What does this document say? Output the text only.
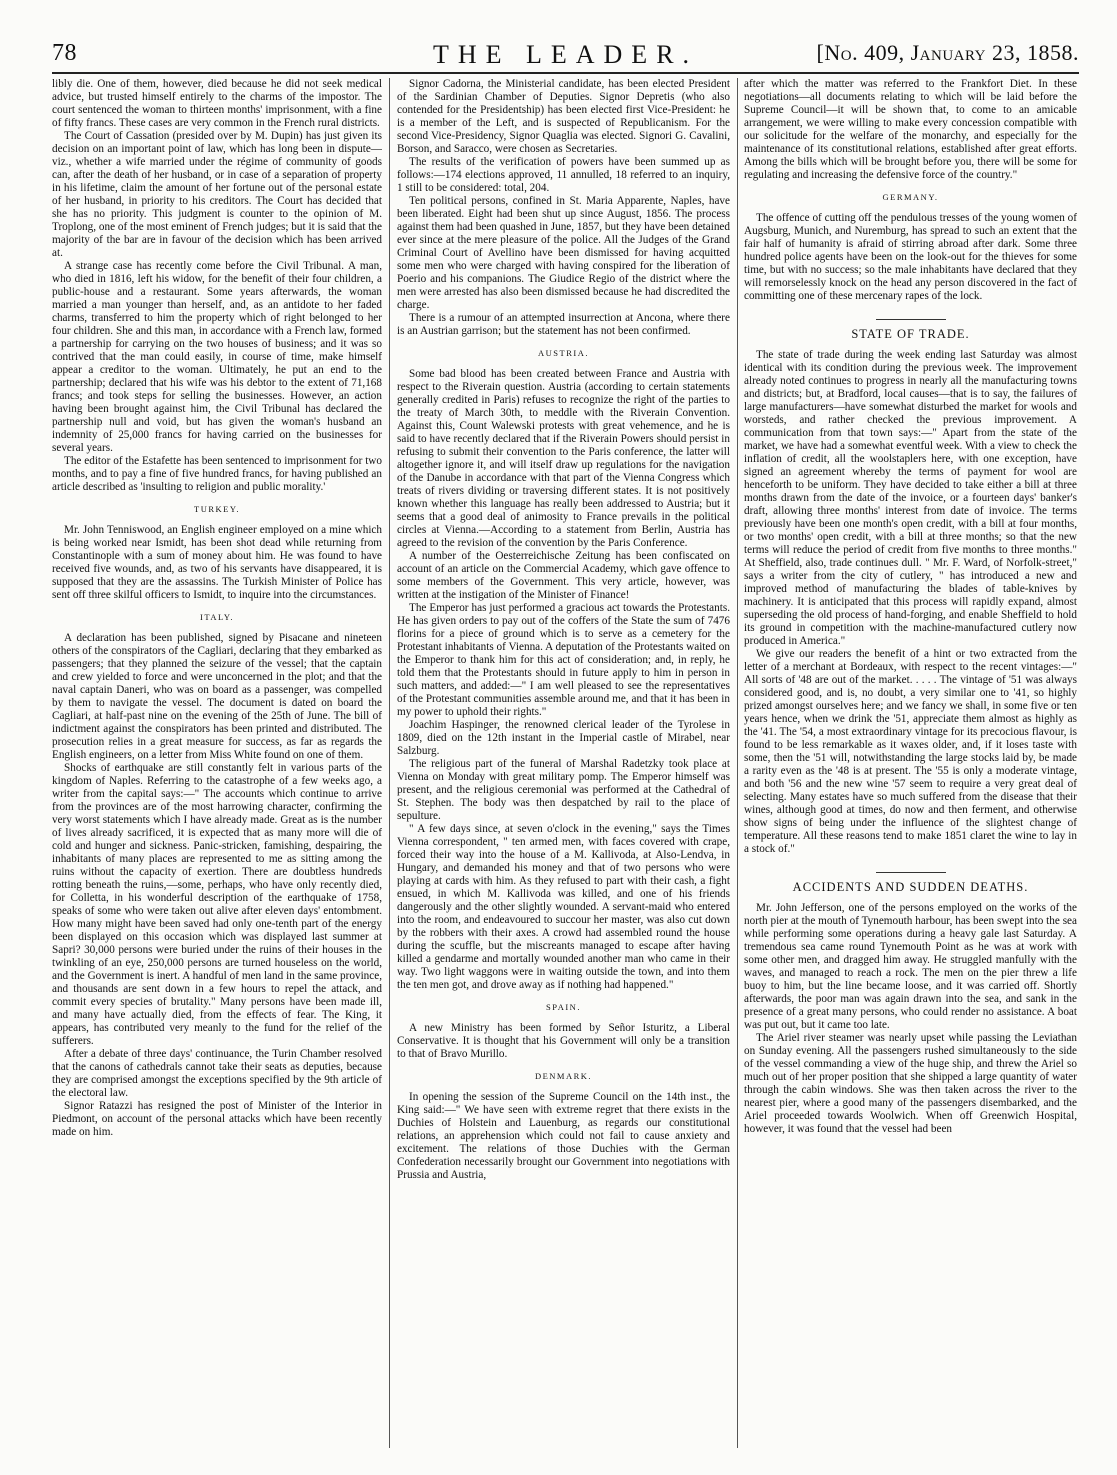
78	THE LEADER.	[No. 409, January 23, 1858.

libly die. One of them, however, died because he did not seek medical advice, but trusted himself entirely to the charms of the impostor. The court sentenced the woman to thirteen months' imprisonment, with a fine of fifty francs. These cases are very common in the French rural districts.

The Court of Cassation (presided over by M. Dupin) has just given its decision on an important point of law, which has long been in dispute—viz., whether a wife married under the régime of community of goods can, after the death of her husband, or in case of a separation of property in his lifetime, claim the amount of her fortune out of the personal estate of her husband, in priority to his creditors. The Court has decided that she has no priority. This judgment is counter to the opinion of M. Troplong, one of the most eminent of French judges; but it is said that the majority of the bar are in favour of the decision which has been arrived at.

A strange case has recently come before the Civil Tribunal. A man, who died in 1816, left his widow, for the benefit of their four children, a public-house and a restaurant. Some years afterwards, the woman married a man younger than herself, and, as an antidote to her faded charms, transferred to him the property which of right belonged to her four children. She and this man, in accordance with a French law, formed a partnership for carrying on the two houses of business; and it was so contrived that the man could easily, in course of time, make himself appear a creditor to the woman. Ultimately, he put an end to the partnership; declared that his wife was his debtor to the extent of 71,168 francs; and took steps for selling the businesses. However, an action having been brought against him, the Civil Tribunal has declared the partnership null and void, but has given the woman's husband an indemnity of 25,000 francs for having carried on the businesses for several years.

The editor of the Estafette has been sentenced to imprisonment for two months, and to pay a fine of five hundred francs, for having published an article described as 'insulting to religion and public morality.'

TURKEY.

Mr. John Tenniswood, an English engineer employed on a mine which is being worked near Ismidt, has been shot dead while returning from Constantinople with a sum of money about him. He was found to have received five wounds, and, as two of his servants have disappeared, it is supposed that they are the assassins. The Turkish Minister of Police has sent off three skilful officers to Ismidt, to inquire into the circumstances.

ITALY.

A declaration has been published, signed by Pisacane and nineteen others of the conspirators of the Cagliari, declaring that they embarked as passengers; that they planned the seizure of the vessel; that the captain and crew yielded to force and were unconcerned in the plot; and that the naval captain Daneri, who was on board as a passenger, was compelled by them to navigate the vessel. The document is dated on board the Cagliari, at half-past nine on the evening of the 25th of June. The bill of indictment against the conspirators has been printed and distributed. The prosecution relies in a great measure for success, as far as regards the English engineers, on a letter from Miss White found on one of them.

Shocks of earthquake are still constantly felt in various parts of the kingdom of Naples. Referring to the catastrophe of a few weeks ago, a writer from the capital says:—" The accounts which continue to arrive from the provinces are of the most harrowing character, confirming the very worst statements which I have already made. Great as is the number of lives already sacrificed, it is expected that as many more will die of cold and hunger and sickness. Panic-stricken, famishing, despairing, the inhabitants of many places are represented to me as sitting among the ruins without the capacity of exertion. There are doubtless hundreds rotting beneath the ruins,—some, perhaps, who have only recently died, for Colletta, in his wonderful description of the earthquake of 1758, speaks of some who were taken out alive after eleven days' entombment. How many might have been saved had only one-tenth part of the energy been displayed on this occasion which was displayed last summer at Sapri? 30,000 persons were buried under the ruins of their houses in the twinkling of an eye, 250,000 persons are turned houseless on the world, and the Government is inert. A handful of men land in the same province, and thousands are sent down in a few hours to repel the attack, and commit every species of brutality." Many persons have been made ill, and many have actually died, from the effects of fear. The King, it appears, has contributed very meanly to the fund for the relief of the sufferers.

After a debate of three days' continuance, the Turin Chamber resolved that the canons of cathedrals cannot take their seats as deputies, because they are comprised amongst the exceptions specified by the 9th article of the electoral law.

Signor Ratazzi has resigned the post of Minister of the Interior in Piedmont, on account of the personal attacks which have been recently made on him.

Signor Cadorna, the Ministerial candidate, has been elected President of the Sardinian Chamber of Deputies. Signor Depretis (who also contended for the Presidentship) has been elected first Vice-President: he is a member of the Left, and is suspected of Republicanism. For the second Vice-Presidency, Signor Quaglia was elected. Signori G. Cavalini, Borson, and Saracco, were chosen as Secretaries.

The results of the verification of powers have been summed up as follows:—174 elections approved, 11 annulled, 18 referred to an inquiry, 1 still to be considered: total, 204.

Ten political persons, confined in St. Maria Apparente, Naples, have been liberated. Eight had been shut up since August, 1856. The process against them had been quashed in June, 1857, but they have been detained ever since at the mere pleasure of the police. All the Judges of the Grand Criminal Court of Avellino have been dismissed for having acquitted some men who were charged with having conspired for the liberation of Poerio and his companions. The Giudice Regio of the district where the men were arrested has also been dismissed because he had discredited the charge.

There is a rumour of an attempted insurrection at Ancona, where there is an Austrian garrison; but the statement has not been confirmed.

AUSTRIA.

Some bad blood has been created between France and Austria with respect to the Riverain question. Austria (according to certain statements generally credited in Paris) refuses to recognize the right of the parties to the treaty of March 30th, to meddle with the Riverain Convention. Against this, Count Walewski protests with great vehemence, and he is said to have recently declared that if the Riverain Powers should persist in refusing to submit their convention to the Paris conference, the latter will altogether ignore it, and will itself draw up regulations for the navigation of the Danube in accordance with that part of the Vienna Congress which treats of rivers dividing or traversing different states. It is not positively known whether this language has really been addressed to Austria; but it seems that a good deal of animosity to France prevails in the political circles at Vienna.—According to a statement from Berlin, Austria has agreed to the revision of the convention by the Paris Conference.

A number of the Oesterreichische Zeitung has been confiscated on account of an article on the Commercial Academy, which gave offence to some members of the Government. This very article, however, was written at the instigation of the Minister of Finance!

The Emperor has just performed a gracious act towards the Protestants. He has given orders to pay out of the coffers of the State the sum of 7476 florins for a piece of ground which is to serve as a cemetery for the Protestant inhabitants of Vienna. A deputation of the Protestants waited on the Emperor to thank him for this act of consideration; and, in reply, he told them that the Protestants should in future apply to him in person in such matters, and added:—" I am well pleased to see the representatives of the Protestant communities assemble around me, and that it has been in my power to uphold their rights."

Joachim Haspinger, the renowned clerical leader of the Tyrolese in 1809, died on the 12th instant in the Imperial castle of Mirabel, near Salzburg.

The religious part of the funeral of Marshal Radetzky took place at Vienna on Monday with great military pomp. The Emperor himself was present, and the religious ceremonial was performed at the Cathedral of St. Stephen. The body was then despatched by rail to the place of sepulture.

" A few days since, at seven o'clock in the evening," says the Times Vienna correspondent, " ten armed men, with faces covered with crape, forced their way into the house of a M. Kallivoda, at Also-Lendva, in Hungary, and demanded his money and that of two persons who were playing at cards with him. As they refused to part with their cash, a fight ensued, in which M. Kallivoda was killed, and one of his friends dangerously and the other slightly wounded. A servant-maid who entered into the room, and endeavoured to succour her master, was also cut down by the robbers with their axes. A crowd had assembled round the house during the scuffle, but the miscreants managed to escape after having killed a gendarme and mortally wounded another man who came in their way. Two light waggons were in waiting outside the town, and into them the ten men got, and drove away as if nothing had happened."

SPAIN.

A new Ministry has been formed by Señor Isturitz, a Liberal Conservative. It is thought that his Government will only be a transition to that of Bravo Murillo.

DENMARK.

In opening the session of the Supreme Council on the 14th inst., the King said:—" We have seen with extreme regret that there exists in the Duchies of Holstein and Lauenburg, as regards our constitutional relations, an apprehension which could not fail to cause anxiety and excitement. The relations of those Duchies with the German Confederation necessarily brought our Government into negotiations with Prussia and Austria,

after which the matter was referred to the Frankfort Diet. In these negotiations—all documents relating to which will be laid before the Supreme Council—it will be shown that, to come to an amicable arrangement, we were willing to make every concession compatible with our solicitude for the welfare of the monarchy, and especially for the maintenance of its constitutional relations, established after great efforts. Among the bills which will be brought before you, there will be some for regulating and increasing the defensive force of the country."

GERMANY.

The offence of cutting off the pendulous tresses of the young women of Augsburg, Munich, and Nuremburg, has spread to such an extent that the fair half of humanity is afraid of stirring abroad after dark. Some three hundred police agents have been on the look-out for the thieves for some time, but with no success; so the male inhabitants have declared that they will remorselessly knock on the head any person discovered in the fact of committing one of these mercenary rapes of the lock.

STATE OF TRADE.

The state of trade during the week ending last Saturday was almost identical with its condition during the previous week. The improvement already noted continues to progress in nearly all the manufacturing towns and districts; but, at Bradford, local causes—that is to say, the failures of large manufacturers—have somewhat disturbed the market for wools and worsteds, and rather checked the previous improvement. A communication from that town says:—" Apart from the state of the market, we have had a somewhat eventful week. With a view to check the inflation of credit, all the woolstaplers here, with one exception, have signed an agreement whereby the terms of payment for wool are henceforth to be uniform. They have decided to take either a bill at three months drawn from the date of the invoice, or a fourteen days' banker's draft, allowing three months' interest from date of invoice. The terms previously have been one month's open credit, with a bill at four months, or two months' open credit, with a bill at three months; so that the new terms will reduce the period of credit from five months to three months." At Sheffield, also, trade continues dull. " Mr. F. Ward, of Norfolk-street," says a writer from the city of cutlery, " has introduced a new and improved method of manufacturing the blades of table-knives by machinery. It is anticipated that this process will rapidly expand, almost superseding the old process of hand-forging, and enable Sheffield to hold its ground in competition with the machine-manufactured cutlery now produced in America."

We give our readers the benefit of a hint or two extracted from the letter of a merchant at Bordeaux, with respect to the recent vintages:—" All sorts of '48 are out of the market. . . . . The vintage of '51 was always considered good, and is, no doubt, a very similar one to '41, so highly prized amongst ourselves here; and we fancy we shall, in some five or ten years hence, when we drink the '51, appreciate them almost as highly as the '41. The '54, a most extraordinary vintage for its precocious flavour, is found to be less remarkable as it waxes older, and, if it loses taste with some, then the '51 will, notwithstanding the large stocks laid by, be made a rarity even as the '48 is at present. The '55 is only a moderate vintage, and both '56 and the new wine '57 seem to require a very great deal of selecting. Many estates have so much suffered from the disease that their wines, although good at times, do now and then ferment, and otherwise show signs of being under the influence of the slightest change of temperature. All these reasons tend to make 1851 claret the wine to lay in a stock of."

ACCIDENTS AND SUDDEN DEATHS.

Mr. John Jefferson, one of the persons employed on the works of the north pier at the mouth of Tynemouth harbour, has been swept into the sea while performing some operations during a heavy gale last Saturday. A tremendous sea came round Tynemouth Point as he was at work with some other men, and dragged him away. He struggled manfully with the waves, and managed to reach a rock. The men on the pier threw a life buoy to him, but the line became loose, and it was carried off. Shortly afterwards, the poor man was again drawn into the sea, and sank in the presence of a great many persons, who could render no assistance. A boat was put out, but it came too late.

The Ariel river steamer was nearly upset while passing the Leviathan on Sunday evening. All the passengers rushed simultaneously to the side of the vessel commanding a view of the huge ship, and threw the Ariel so much out of her proper position that she shipped a large quantity of water through the cabin windows. She was then taken across the river to the nearest pier, where a good many of the passengers disembarked, and the Ariel proceeded towards Woolwich. When off Greenwich Hospital, however, it was found that the vessel had been
